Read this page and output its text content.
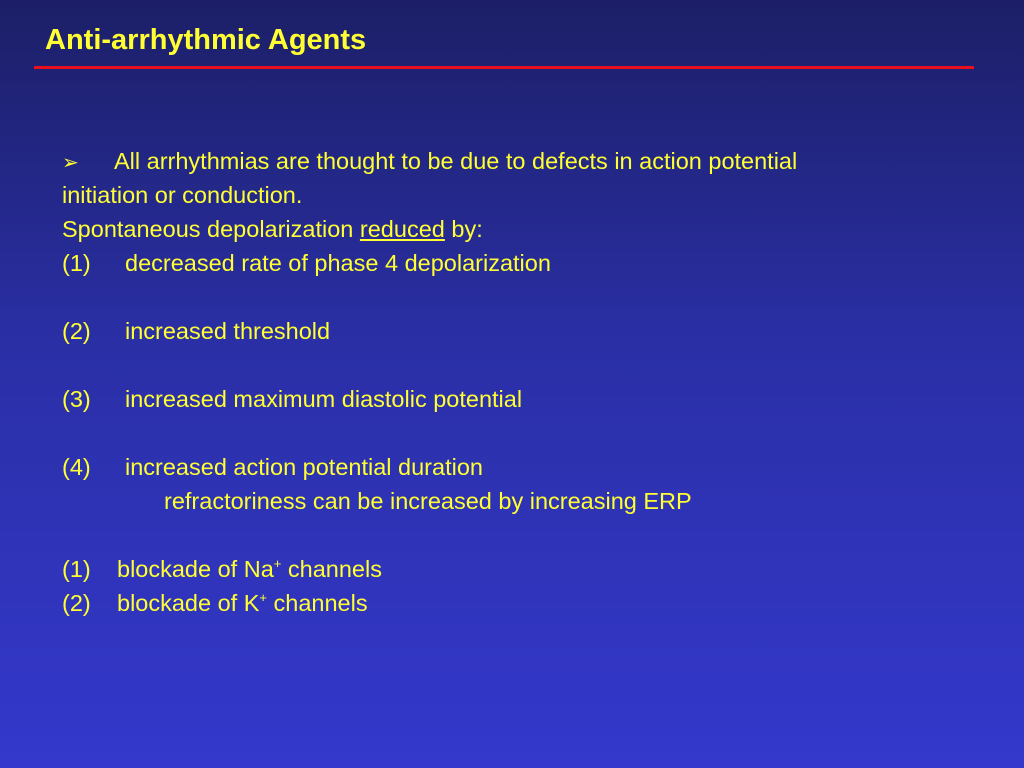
Anti-arrhythmic Agents
➢ All arrhythmias are thought to be due to defects in action potential
initiation or conduction.
Spontaneous depolarization reduced by:
(1) decreased rate of phase 4 depolarization
(2) increased threshold
(3) increased maximum diastolic potential
(4) increased action potential duration
refractoriness can be increased by increasing ERP
(1) blockade of Na+ channels
(2) blockade of K+ channels
